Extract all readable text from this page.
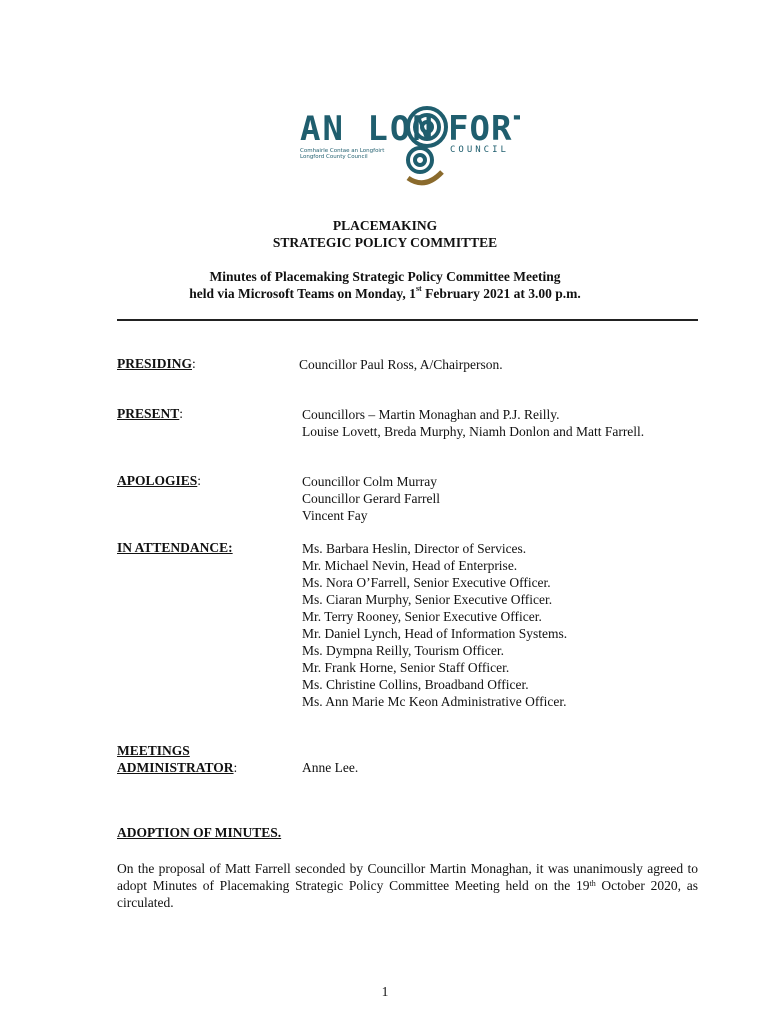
AN LON FOR
Comhairle Contae an Longfoirt
Longford County Council
COUNCIL
PLACEMAKING
STRATEGIC POLICY COMMITTEE
Minutes of Placemaking Strategic Policy Committee Meeting
held via Microsoft Teams on Monday, 1st February 2021 at 3.00 p.m.
PRESIDING:	Councillor Paul Ross, A/Chairperson.
PRESENT:	Councillors – Martin Monaghan and P.J. Reilly.
Louise Lovett, Breda Murphy, Niamh Donlon and Matt Farrell.
APOLOGIES:	Councillor Colm Murray
Councillor Gerard Farrell
Vincent Fay
IN ATTENDANCE:	Ms. Barbara Heslin, Director of Services.
Mr. Michael Nevin, Head of Enterprise.
Ms. Nora O’Farrell, Senior Executive Officer.
Ms. Ciaran Murphy, Senior Executive Officer.
Mr. Terry Rooney, Senior Executive Officer.
Mr. Daniel Lynch, Head of Information Systems.
Ms. Dympna Reilly, Tourism Officer.
Mr. Frank Horne, Senior Staff Officer.
Ms. Christine Collins, Broadband Officer.
Ms. Ann Marie Mc Keon Administrative Officer.
MEETINGS
ADMINISTRATOR:	Anne Lee.
ADOPTION OF MINUTES.
On the proposal of Matt Farrell seconded by Councillor Martin Monaghan, it was unanimously agreed to adopt Minutes of Placemaking Strategic Policy Committee Meeting held on the 19th October 2020, as circulated.
1
